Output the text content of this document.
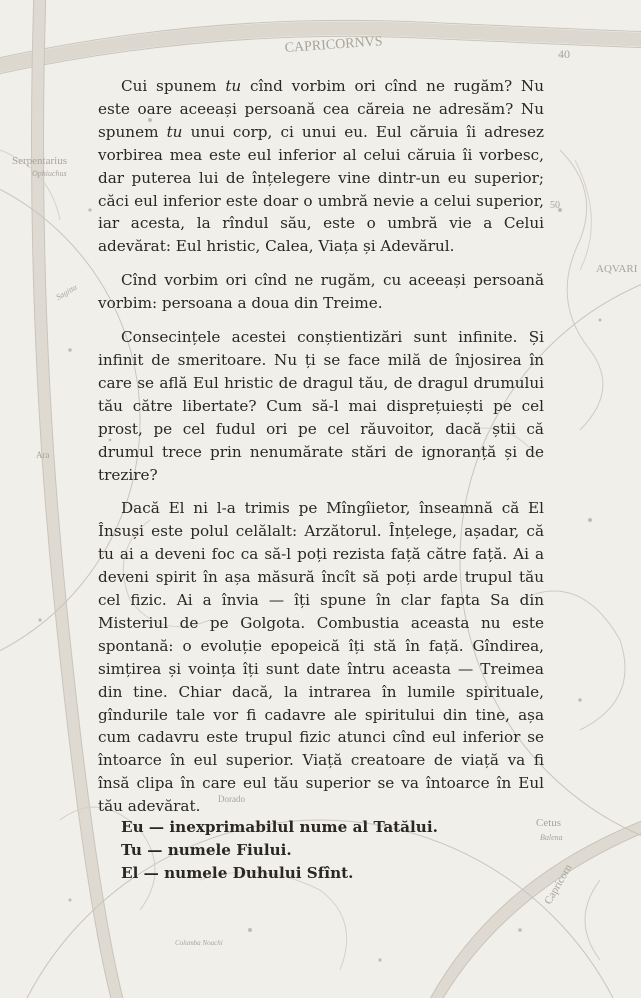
CAPRICORNVS	40
Serpentarius
Ophiuchus
50
Sagitta
AQVARI
Ara
Dorado
Cetus
Balena
Capricorn
Columba Noachi

Cui spunem tu cînd vorbim ori cînd ne rugăm? Nu este oare aceeași persoană cea căreia ne adresăm? Nu spunem tu unui corp, ci unui eu. Eul căruia îi adresez vorbirea mea este eul inferior al celui căruia îi vorbesc, dar puterea lui de înțelegere vine dintr-un eu superior; căci eul inferior este doar o umbră nevie a celui superior, iar acesta, la rîndul său, este o umbră vie a Celui adevărat: Eul hristic, Calea, Viața și Adevărul.

Cînd vorbim ori cînd ne rugăm, cu aceeași persoană vorbim: persoana a doua din Treime.

Consecințele acestei conștientizări sunt infinite. Și infinit de smeritoare. Nu ți se face milă de înjosirea în care se află Eul hristic de dragul tău, de dragul drumului tău către libertate? Cum să-l mai disprețuiești pe cel prost, pe cel fudul ori pe cel răuvoitor, dacă știi că drumul trece prin nenumărate stări de ignoranță și de trezire?

Dacă El ni l-a trimis pe Mîngîietor, înseamnă că El Însuși este polul celălalt: Arzătorul. Înțelege, așadar, că tu ai a deveni foc ca să-l poți rezista față către față. Ai a deveni spirit în așa măsură încît să poți arde trupul tău cel fizic. Ai a învia — îți spune în clar fapta Sa din Misteriul de pe Golgota. Combustia aceasta nu este spontană: o evoluție epopeică îți stă în față. Gîndirea, simțirea și voința îți sunt date întru aceasta — Treimea din tine. Chiar dacă, la intrarea în lumile spirituale, gîndurile tale vor fi cadavre ale spiritului din tine, așa cum cadavru este trupul fizic atunci cînd eul inferior se întoarce în eul superior. Viață creatoare de viață va fi însă clipa în care eul tău superior se va întoarce în Eul tău adevărat.

Eu — inexprimabilul nume al Tatălui.
Tu — numele Fiului.
El — numele Duhului Sfînt.
